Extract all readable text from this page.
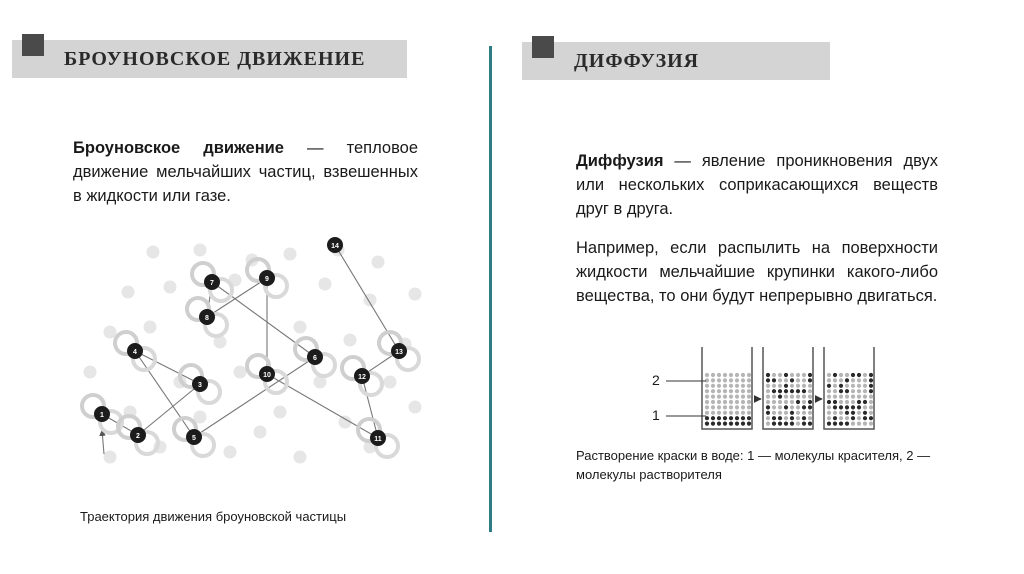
БРОУНОВСКОЕ ДВИЖЕНИЕ

Броуновское движение — тепловое движение мельчайших частиц, взвешенных в жидкости или газе.

1
2
3
4
5
6
7
8
9
10
11
12
13
14

Траектория движения броуновской частицы

ДИФФУЗИЯ

Диффузия — явление проникновения двух или нескольких соприкасающихся веществ друг в друга.

Например, если распылить на поверхности жидкости мельчайшие крупинки какого-либо вещества, то они будут непрерывно двигаться.

2
1

Растворение краски в воде: 1 — молекулы красителя, 2 — молекулы растворителя
